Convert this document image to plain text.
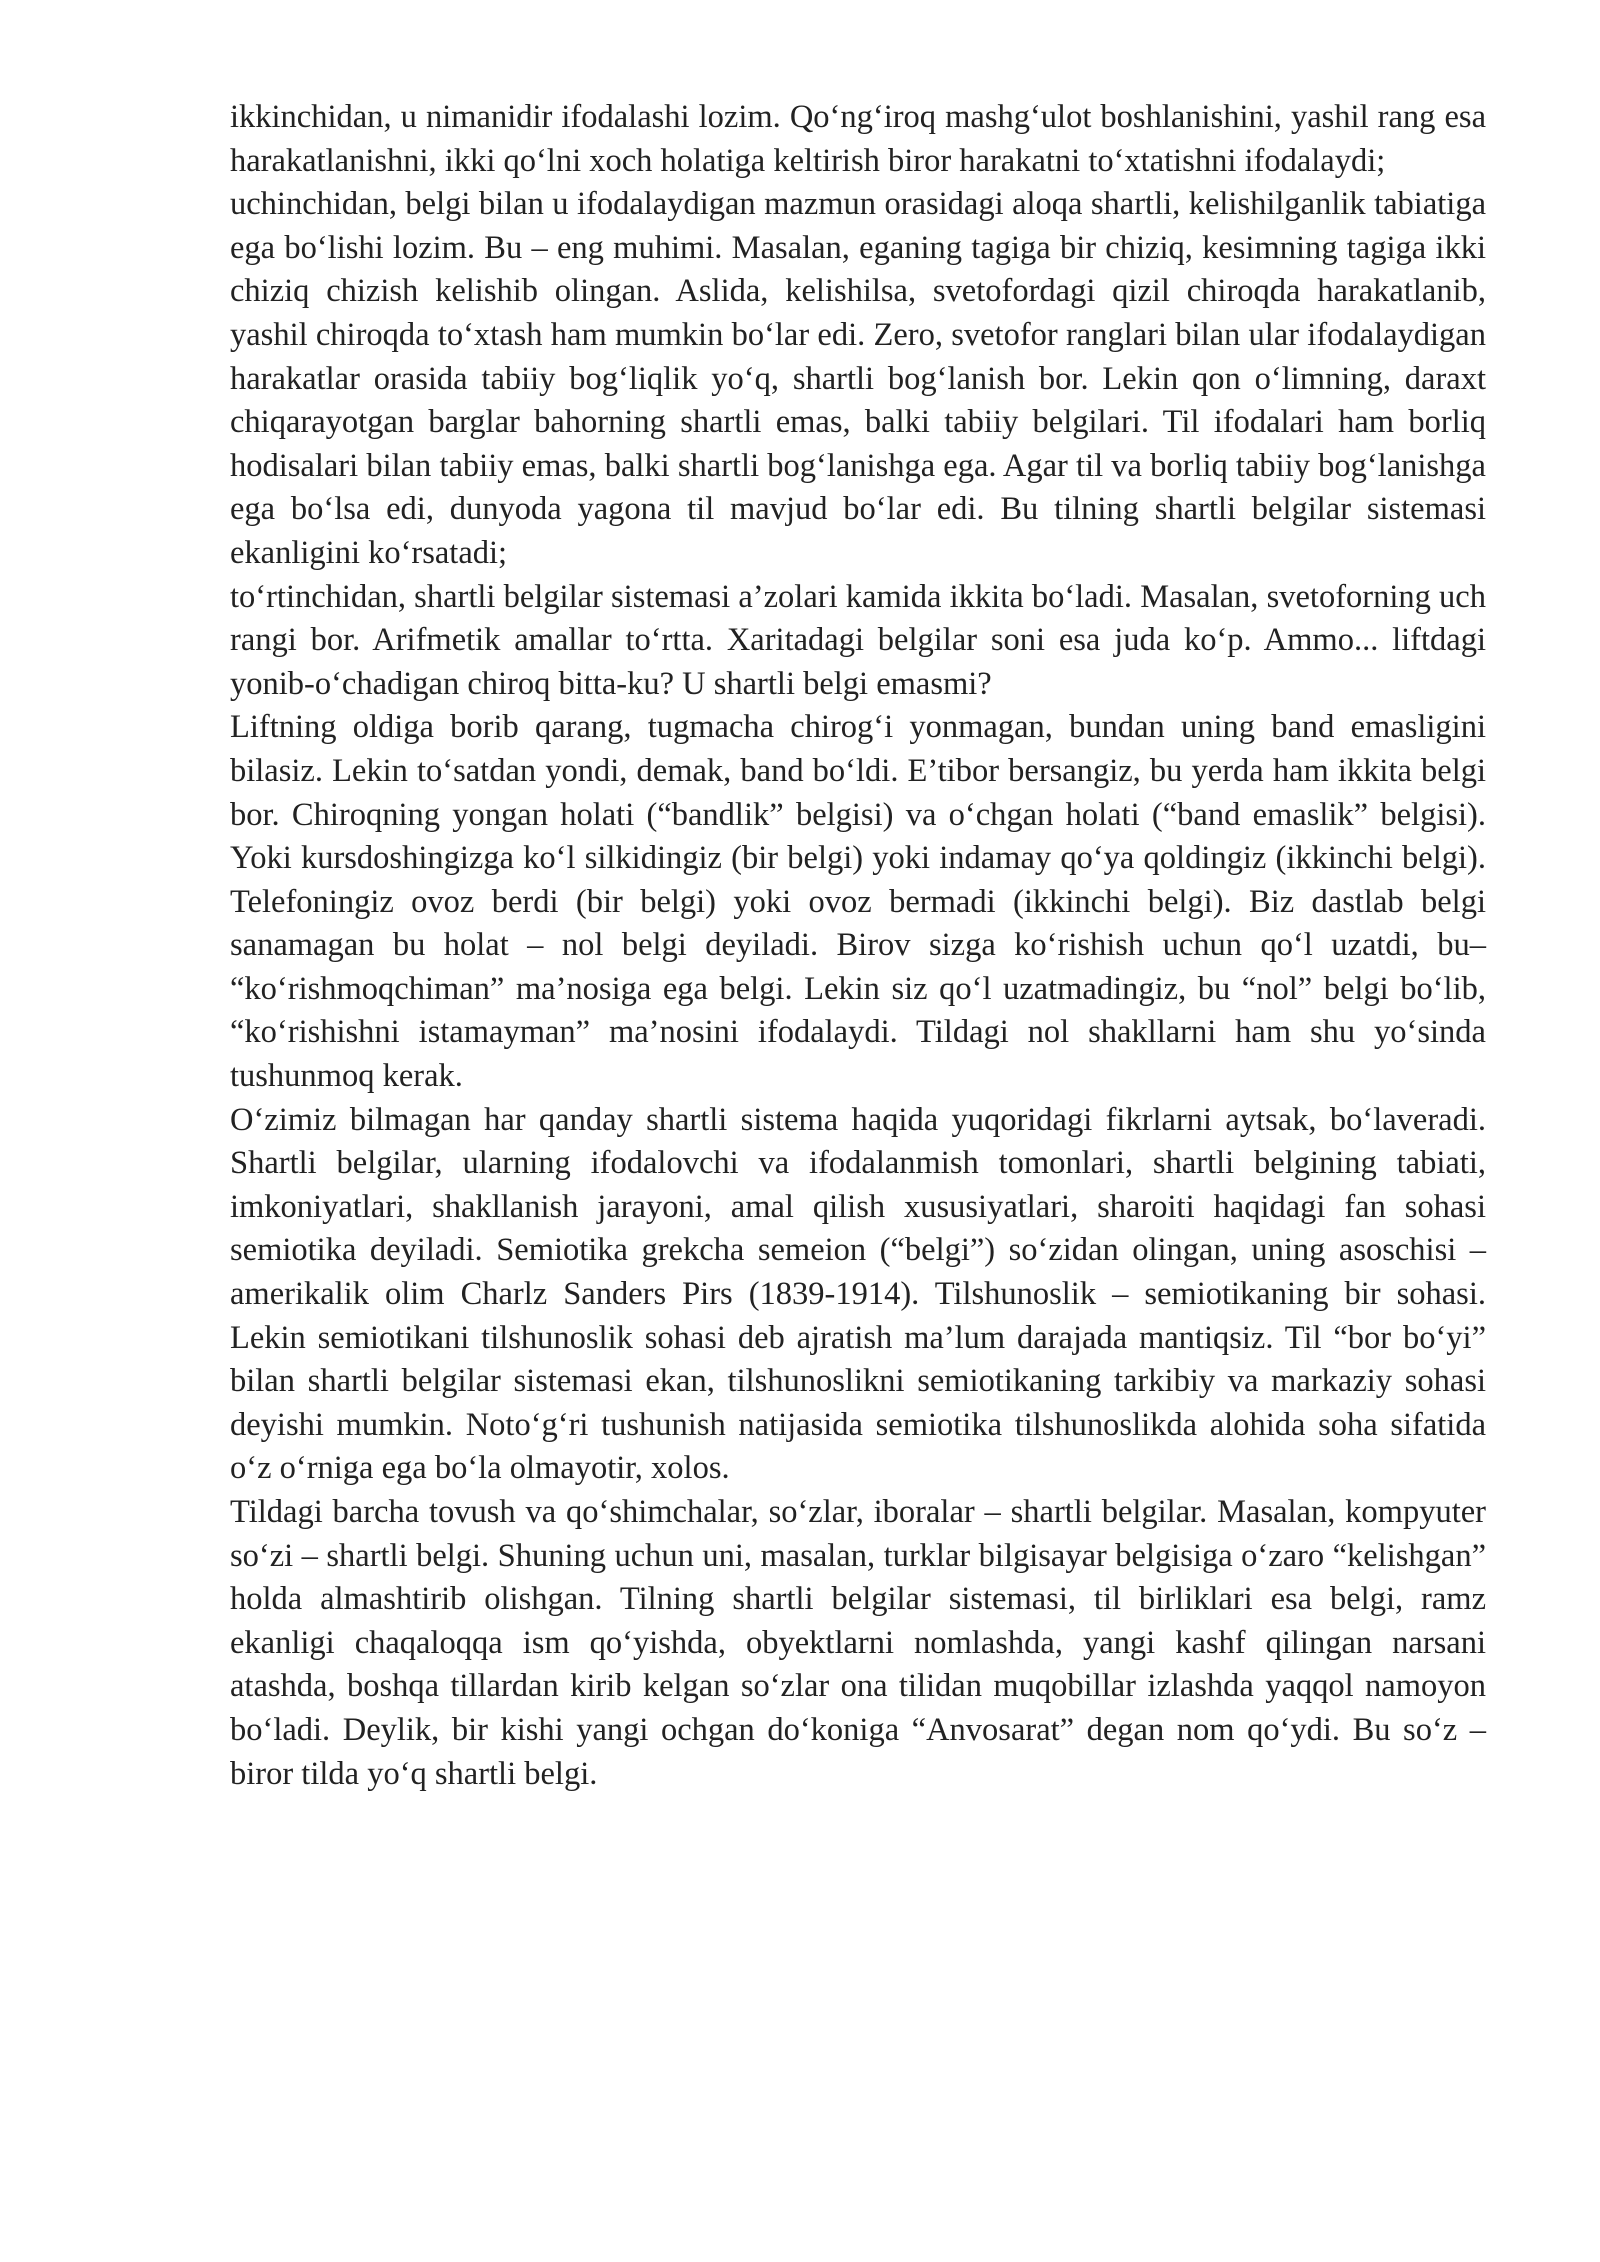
ikkinchidan, u nimanidir ifodalashi lozim. Qo‘ng‘iroq mashg‘ulot boshlanishini, yashil rang esa harakatlanishni, ikki qo‘lni xoch holatiga keltirish biror harakatni to‘xtatishni ifodalaydi;

uchinchidan, belgi bilan u ifodalaydigan mazmun orasidagi aloqa shartli, kelishilganlik tabiatiga ega bo‘lishi lozim. Bu – eng muhimi. Masalan, eganing tagiga bir chiziq, kesimning tagiga ikki chiziq chizish kelishib olingan. Aslida, kelishilsa, svetofordagi qizil chiroqda harakatlanib, yashil chiroqda to‘xtash ham mumkin bo‘lar edi. Zero, svetofor ranglari bilan ular ifodalaydigan harakatlar orasida tabiiy bog‘liqlik yo‘q, shartli bog‘lanish bor. Lekin qon o‘limning, daraxt chiqarayotgan barglar bahorning shartli emas, balki tabiiy belgilari. Til ifodalari ham borliq hodisalari bilan tabiiy emas, balki shartli bog‘lanishga ega. Agar til va borliq tabiiy bog‘lanishga ega bo‘lsa edi, dunyoda yagona til mavjud bo‘lar edi. Bu tilning shartli belgilar sistemasi ekanligini ko‘rsatadi;

to‘rtinchidan, shartli belgilar sistemasi a’zolari kamida ikkita bo‘ladi. Masalan, svetoforning uch rangi bor. Arifmetik amallar to‘rtta. Xaritadagi belgilar soni esa juda ko‘p. Ammo... liftdagi yonib-o‘chadigan chiroq bitta-ku? U shartli belgi emasmi?

Liftning oldiga borib qarang, tugmacha chirog‘i yonmagan, bundan uning band emasligini bilasiz. Lekin to‘satdan yondi, demak, band bo‘ldi. E’tibor bersangiz, bu yerda ham ikkita belgi bor. Chiroqning yongan holati (“bandlik” belgisi) va o‘chgan holati (“band emaslik” belgisi). Yoki kursdoshingizga ko‘l silkidingiz (bir belgi) yoki indamay qo‘ya qoldingiz (ikkinchi belgi). Telefoningiz ovoz berdi (bir belgi) yoki ovoz bermadi (ikkinchi belgi). Biz dastlab belgi sanamagan bu holat – nol belgi deyiladi. Birov sizga ko‘rishish uchun qo‘l uzatdi, bu– “ko‘rishmoqchiman” ma’nosiga ega belgi. Lekin siz qo‘l uzatmadingiz, bu “nol” belgi bo‘lib, “ko‘rishishni istamayman” ma’nosini ifodalaydi. Tildagi nol shakllarni ham shu yo‘sinda tushunmoq kerak.

O‘zimiz bilmagan har qanday shartli sistema haqida yuqoridagi fikrlarni aytsak, bo‘laveradi. Shartli belgilar, ularning ifodalovchi va ifodalanmish tomonlari, shartli belgining tabiati, imkoniyatlari, shakllanish jarayoni, amal qilish xususiyatlari, sharoiti haqidagi fan sohasi semiotika deyiladi. Semiotika grekcha semeion (“belgi”) so‘zidan olingan, uning asoschisi – amerikalik olim Charlz Sanders Pirs (1839-1914). Tilshunoslik – semiotikaning bir sohasi. Lekin semiotikani tilshunoslik sohasi deb ajratish ma’lum darajada mantiqsiz. Til “bor bo‘yi” bilan shartli belgilar sistemasi ekan, tilshunoslikni semiotikaning tarkibiy va markaziy sohasi deyishi mumkin. Noto‘g‘ri tushunish natijasida semiotika tilshunoslikda alohida soha sifatida o‘z o‘rniga ega bo‘la olmayotir, xolos.

Tildagi barcha tovush va qo‘shimchalar, so‘zlar, iboralar – shartli belgilar. Masalan, kompyuter so‘zi – shartli belgi. Shuning uchun uni, masalan, turklar bilgisayar belgisiga o‘zaro “kelishgan” holda almashtirib olishgan. Tilning shartli belgilar sistemasi, til birliklari esa belgi, ramz ekanligi chaqaloqqa ism qo‘yishda, obyektlarni nomlashda, yangi kashf qilingan narsani atashda, boshqa tillardan kirib kelgan so‘zlar ona tilidan muqobillar izlashda yaqqol namoyon bo‘ladi. Deylik, bir kishi yangi ochgan do‘koniga “Anvosarat” degan nom qo‘ydi. Bu so‘z – biror tilda yo‘q shartli belgi.
